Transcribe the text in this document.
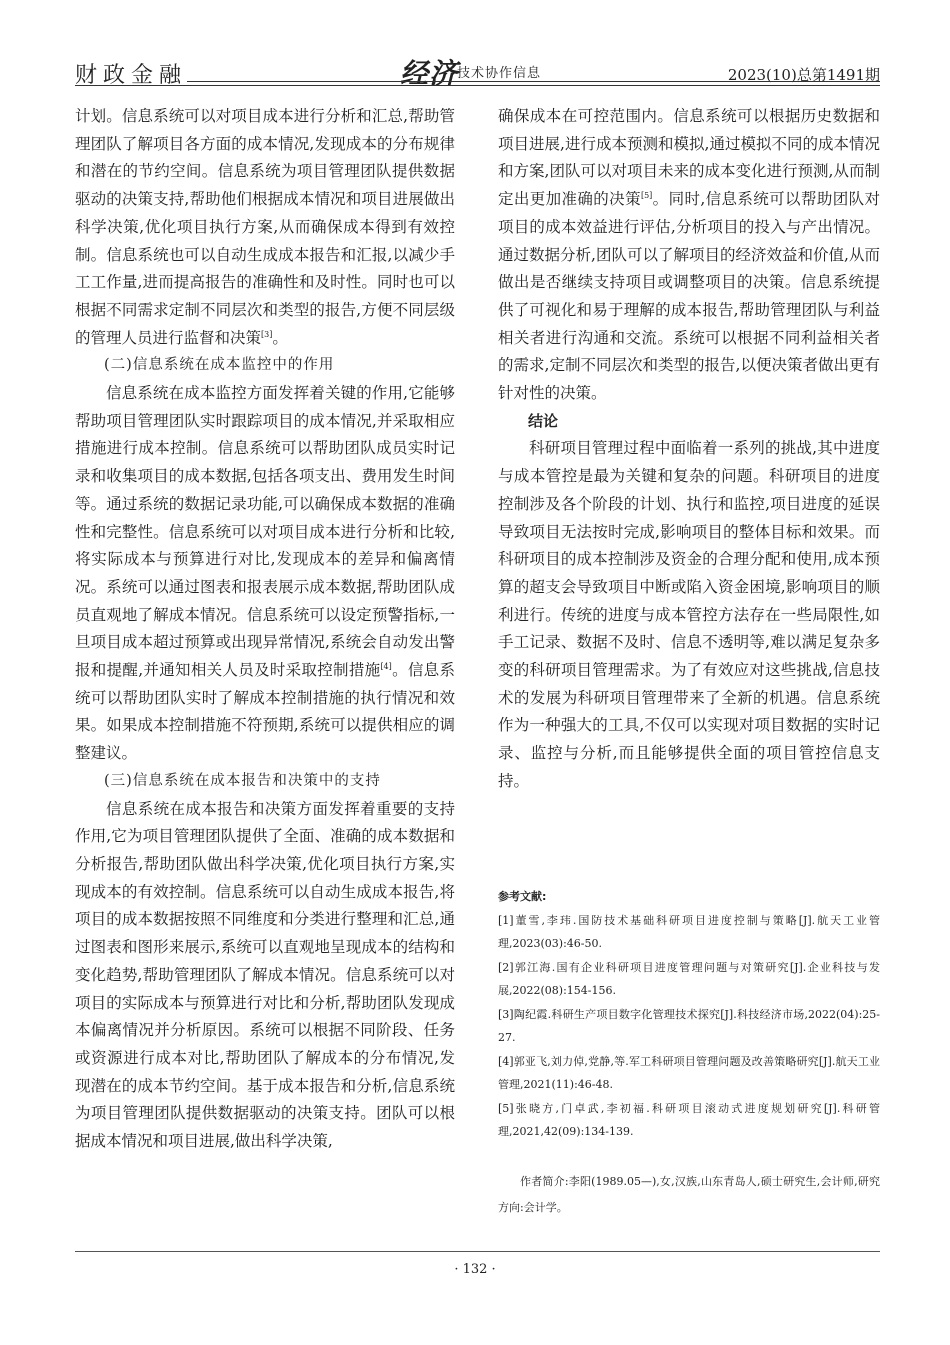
财政金融	经济
技术协作信息	2023(10)总第1491期

计划。信息系统可以对项目成本进行分析和汇总,帮助管理团队了解项目各方面的成本情况,发现成本的分布规律和潜在的节约空间。信息系统为项目管理团队提供数据驱动的决策支持,帮助他们根据成本情况和项目进展做出科学决策,优化项目执行方案,从而确保成本得到有效控制。信息系统也可以自动生成成本报告和汇报,以减少手工工作量,进而提高报告的准确性和及时性。同时也可以根据不同需求定制不同层次和类型的报告,方便不同层级的管理人员进行监督和决策[3]。

(二)信息系统在成本监控中的作用

信息系统在成本监控方面发挥着关键的作用,它能够帮助项目管理团队实时跟踪项目的成本情况,并采取相应措施进行成本控制。信息系统可以帮助团队成员实时记录和收集项目的成本数据,包括各项支出、费用发生时间等。通过系统的数据记录功能,可以确保成本数据的准确性和完整性。信息系统可以对项目成本进行分析和比较,将实际成本与预算进行对比,发现成本的差异和偏离情况。系统可以通过图表和报表展示成本数据,帮助团队成员直观地了解成本情况。信息系统可以设定预警指标,一旦项目成本超过预算或出现异常情况,系统会自动发出警报和提醒,并通知相关人员及时采取控制措施[4]。信息系统可以帮助团队实时了解成本控制措施的执行情况和效果。如果成本控制措施不符预期,系统可以提供相应的调整建议。

(三)信息系统在成本报告和决策中的支持

信息系统在成本报告和决策方面发挥着重要的支持作用,它为项目管理团队提供了全面、准确的成本数据和分析报告,帮助团队做出科学决策,优化项目执行方案,实现成本的有效控制。信息系统可以自动生成成本报告,将项目的成本数据按照不同维度和分类进行整理和汇总,通过图表和图形来展示,系统可以直观地呈现成本的结构和变化趋势,帮助管理团队了解成本情况。信息系统可以对项目的实际成本与预算进行对比和分析,帮助团队发现成本偏离情况并分析原因。系统可以根据不同阶段、任务或资源进行成本对比,帮助团队了解成本的分布情况,发现潜在的成本节约空间。基于成本报告和分析,信息系统为项目管理团队提供数据驱动的决策支持。团队可以根据成本情况和项目进展,做出科学决策,

确保成本在可控范围内。信息系统可以根据历史数据和项目进展,进行成本预测和模拟,通过模拟不同的成本情况和方案,团队可以对项目未来的成本变化进行预测,从而制定出更加准确的决策[5]。同时,信息系统可以帮助团队对项目的成本效益进行评估,分析项目的投入与产出情况。通过数据分析,团队可以了解项目的经济效益和价值,从而做出是否继续支持项目或调整项目的决策。信息系统提供了可视化和易于理解的成本报告,帮助管理团队与利益相关者进行沟通和交流。系统可以根据不同利益相关者的需求,定制不同层次和类型的报告,以便决策者做出更有针对性的决策。

结论

科研项目管理过程中面临着一系列的挑战,其中进度与成本管控是最为关键和复杂的问题。科研项目的进度控制涉及各个阶段的计划、执行和监控,项目进度的延误导致项目无法按时完成,影响项目的整体目标和效果。而科研项目的成本控制涉及资金的合理分配和使用,成本预算的超支会导致项目中断或陷入资金困境,影响项目的顺利进行。传统的进度与成本管控方法存在一些局限性,如手工记录、数据不及时、信息不透明等,难以满足复杂多变的科研项目管理需求。为了有效应对这些挑战,信息技术的发展为科研项目管理带来了全新的机遇。信息系统作为一种强大的工具,不仅可以实现对项目数据的实时记录、监控与分析,而且能够提供全面的项目管控信息支持。

参考文献:

[1]董雪,李玮.国防技术基础科研项目进度控制与策略[J].航天工业管理,2023(03):46-50.

[2]郭江海.国有企业科研项目进度管理问题与对策研究[J].企业科技与发展,2022(08):154-156.

[3]陶纪霞.科研生产项目数字化管理技术探究[J].科技经济市场,2022(04):25-27.

[4]郭亚飞,刘力倬,党静,等.军工科研项目管理问题及改善策略研究[J].航天工业管理,2021(11):46-48.

[5]张晓方,门卓武,李初福.科研项目滚动式进度规划研究[J].科研管理,2021,42(09):134-139.

作者简介:李阳(1989.05—),女,汉族,山东青岛人,硕士研究生,会计师,研究方向:会计学。
· 132 ·
